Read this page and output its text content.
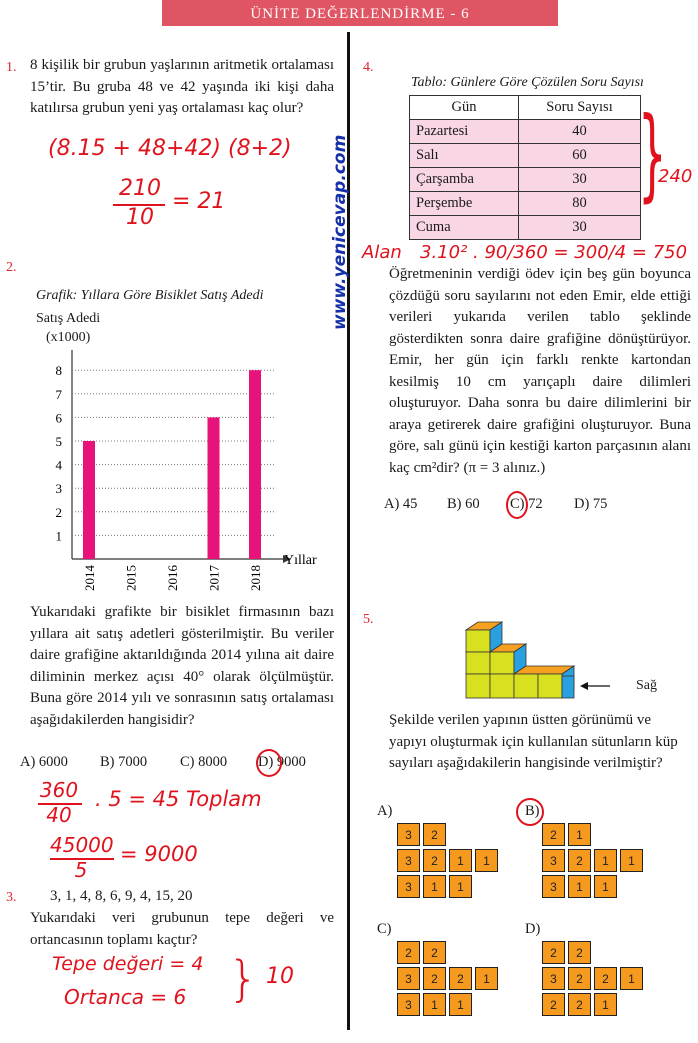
ÜNİTE DEĞERLENDİRME - 6
www.yenicevap.com
1. 8 kişilik bir grubun yaşlarının aritmetik ortalaması 15’tir. Bu gruba 48 ve 42 yaşında iki kişi daha katılırsa grubun yeni yaş ortalaması kaç olur?
(8.15 + 48+42) (8+2)
210
10
= 21
2.
Grafik: Yıllara Göre Bisiklet Satış Adedi
Satış Adedi
(x1000)
Yıllar
1
2
3
4
5
6
7
8
2014 2015 2016 2017 2018
Yukarıdaki grafikte bir bisiklet firmasının bazı yıllara ait satış adetleri gösterilmiştir. Bu veriler daire grafiğine aktarıldığında 2014 yılına ait daire diliminin merkez açısı 40° olarak ölçülmüştür. Buna göre 2014 yılı ve sonrasının satış ortalaması aşağıdakilerden hangisidir?
A) 6000 B) 7000 C) 8000 D) 9000
360
40
. 5 = 45 Toplam
45000
5
= 9000
3. 3, 1, 4, 8, 6, 9, 4, 15, 20
Yukarıdaki veri grubunun tepe değeri ve ortancasının toplamı kaçtır?
Tepe değeri = 4
Ortanca = 6 } 10
4.
Tablo: Günlere Göre Çözülen Soru Sayısı
Gün	Soru Sayısı
Pazartesi	40
Salı	60
Çarşamba	30
Perşembe	80
Cuma	30
}
240
Alan 3.10² . 90/360 = 300/4 = 750
Öğretmeninin verdiği ödev için beş gün boyunca çözdüğü soru sayılarını not eden Emir, elde ettiği verileri yukarıda verilen tablo şeklinde gösterdikten sonra daire grafiğine dönüştürüyor. Emir, her gün için farklı renkte kartondan kesilmiş 10 cm yarıçaplı daire dilimleri oluşturuyor. Daha sonra bu daire dilimlerini bir araya getirerek daire grafiğini oluşturuyor. Buna göre, salı günü için kestiği karton parçasının alanı kaç cm²dir? (π = 3 alınız.)
A) 45 B) 60 C) 72 D) 75
5.
Sağ
Şekilde verilen yapının üstten görünümü ve yapıyı oluşturmak için kullanılan sütunların küp sayıları aşağıdakilerin hangisinde verilmiştir?
A)	B)
C)	D)
3	2
3	2	1	1
3	1	1
2	1
3	2	1	1
3	1	1
2	2
3	2	2	1
3	1	1
2	2
3	2	2	1
2	2	1
